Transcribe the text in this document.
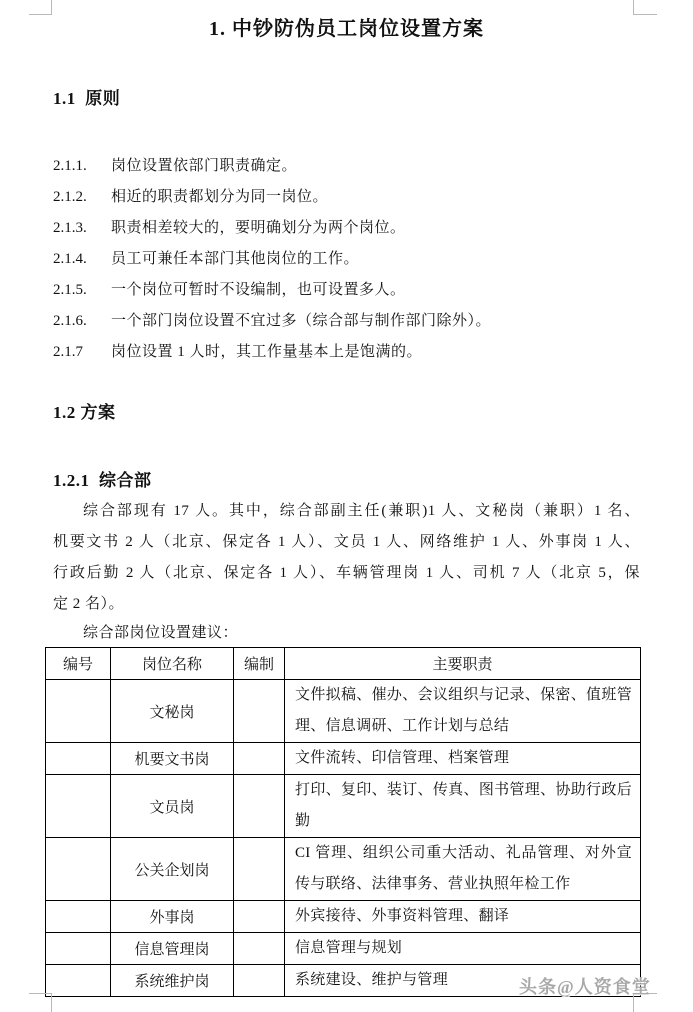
1. 中钞防伪员工岗位设置方案
1.1  原则
2.1.1.	岗位设置依部门职责确定。
2.1.2.	相近的职责都划分为同一岗位。
2.1.3.	职责相差较大的，要明确划分为两个岗位。
2.1.4.	员工可兼任本部门其他岗位的工作。
2.1.5.	一个岗位可暂时不设编制，也可设置多人。
2.1.6.	一个部门岗位设置不宜过多（综合部与制作部门除外）。
2.1.7	岗位设置 1 人时，其工作量基本上是饱满的。
1.2 方案
1.2.1  综合部
综合部现有 17 人。其中，综合部副主任(兼职)1 人、文秘岗（兼职）1 名、
机要文书 2 人（北京、保定各 1 人）、文员 1 人、网络维护 1 人、外事岗 1 人、
行政后勤 2 人（北京、保定各 1 人）、车辆管理岗 1 人、司机 7 人（北京 5，保
定 2 名）。
综合部岗位设置建议：
编号	岗位名称	编制	主要职责
	文秘岗		文件拟稿、催办、会议组织与记录、保密、值班管理、信息调研、工作计划与总结
	机要文书岗		文件流转、印信管理、档案管理
	文员岗		打印、复印、装订、传真、图书管理、协助行政后勤
	公关企划岗		CI 管理、组织公司重大活动、礼品管理、对外宣传与联络、法律事务、营业执照年检工作
	外事岗		外宾接待、外事资料管理、翻译
	信息管理岗		信息管理与规划
	系统维护岗		系统建设、维护与管理	头条@人资食堂
